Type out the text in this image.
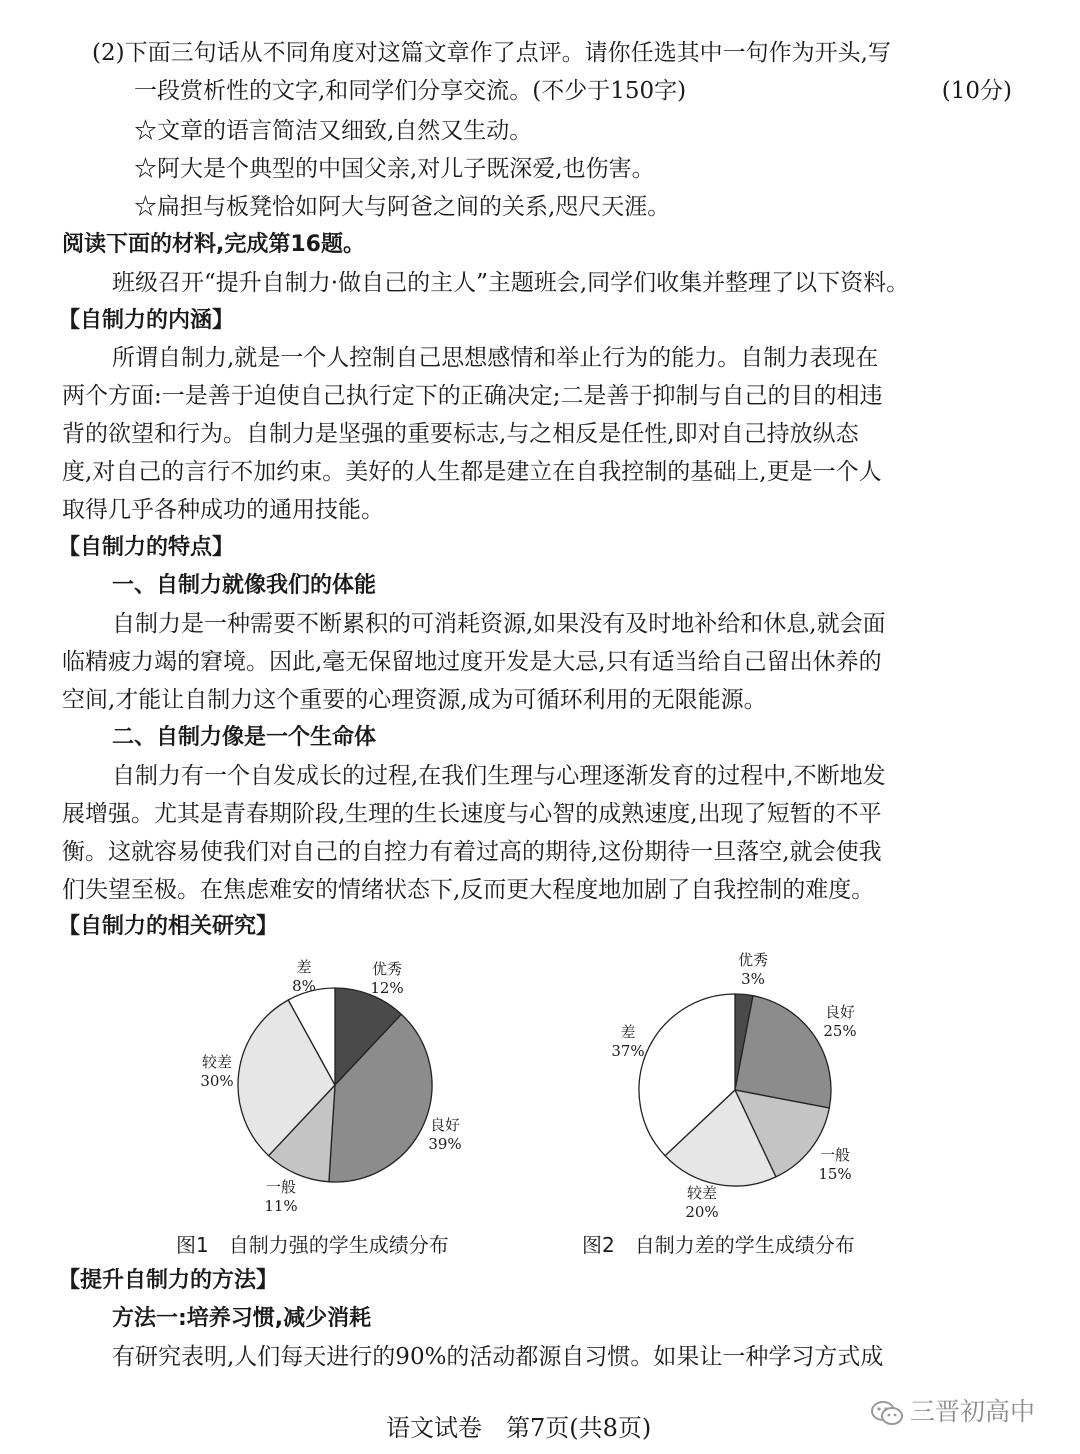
(2)下面三句话从不同角度对这篇文章作了点评。请你任选其中一句作为开头,写
一段赏析性的文字,和同学们分享交流。(不少于150字)	(10分)
☆文章的语言简洁又细致,自然又生动。
☆阿大是个典型的中国父亲,对儿子既深爱,也伤害。
☆扁担与板凳恰如阿大与阿爸之间的关系,咫尺天涯。
阅读下面的材料,完成第16题。
班级召开“提升自制力·做自己的主人”主题班会,同学们收集并整理了以下资料。
【自制力的内涵】
所谓自制力,就是一个人控制自己思想感情和举止行为的能力。自制力表现在
两个方面:一是善于迫使自己执行定下的正确决定;二是善于抑制与自己的目的相违
背的欲望和行为。自制力是坚强的重要标志,与之相反是任性,即对自己持放纵态
度,对自己的言行不加约束。美好的人生都是建立在自我控制的基础上,更是一个人
取得几乎各种成功的通用技能。
【自制力的特点】
一、自制力就像我们的体能
自制力是一种需要不断累积的可消耗资源,如果没有及时地补给和休息,就会面
临精疲力竭的窘境。因此,毫无保留地过度开发是大忌,只有适当给自己留出休养的
空间,才能让自制力这个重要的心理资源,成为可循环利用的无限能源。
二、自制力像是一个生命体
自制力有一个自发成长的过程,在我们生理与心理逐渐发育的过程中,不断地发
展增强。尤其是青春期阶段,生理的生长速度与心智的成熟速度,出现了短暂的不平
衡。这就容易使我们对自己的自控力有着过高的期待,这份期待一旦落空,就会使我
们失望至极。在焦虑难安的情绪状态下,反而更大程度地加剧了自我控制的难度。
【自制力的相关研究】
优秀
12%
良好
39%
一般
11%
较差
30%
差
8%
优秀
3%
良好
25%
一般
15%
较差
20%
差
37%
图1　自制力强的学生成绩分布	图2　自制力差的学生成绩分布
【提升自制力的方法】
方法一:培养习惯,减少消耗
有研究表明,人们每天进行的90%的活动都源自习惯。如果让一种学习方式成
语文试卷　第7页(共8页)
三晋初高中
